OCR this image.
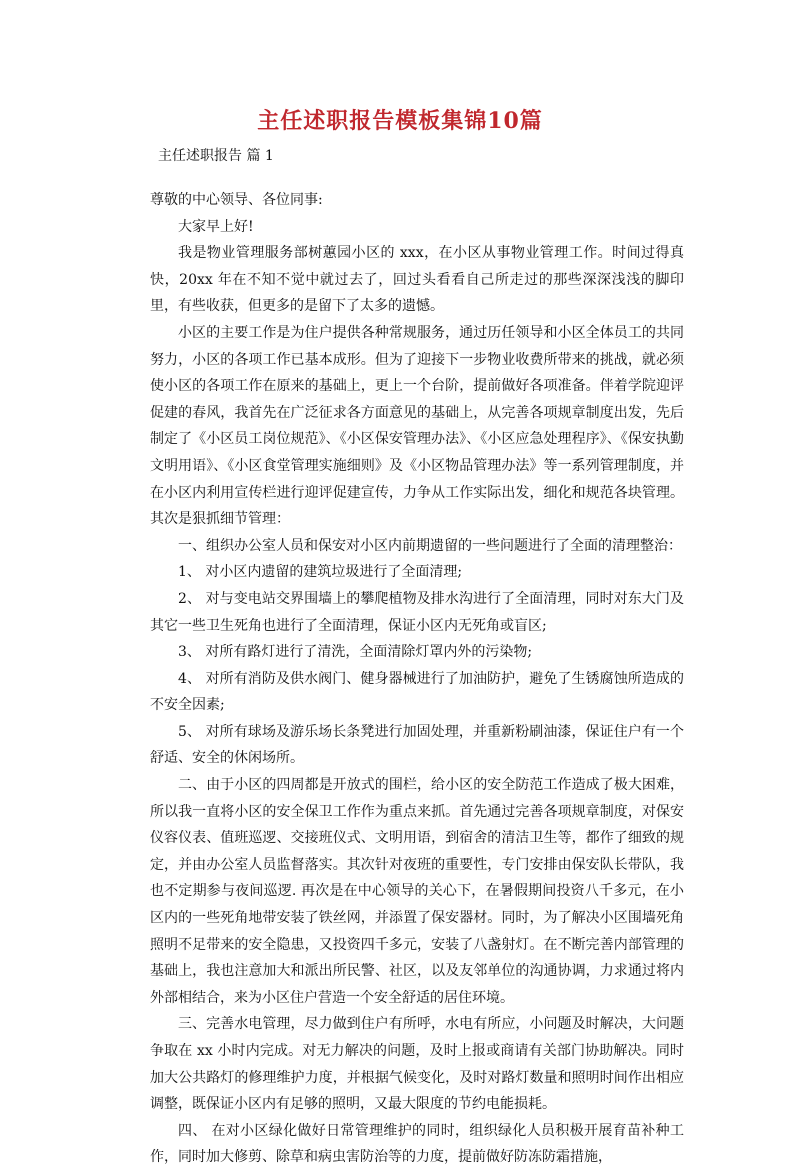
主任述职报告模板集锦10篇
主任述职报告 篇 1

尊敬的中心领导、各位同事:

大家早上好!

我是物业管理服务部树蕙园小区的 xxx，在小区从事物业管理工作。时间过得真快，20xx 年在不知不觉中就过去了，回过头看看自己所走过的那些深深浅浅的脚印里，有些收获，但更多的是留下了太多的遗憾。

小区的主要工作是为住户提供各种常规服务，通过历任领导和小区全体员工的共同努力，小区的各项工作已基本成形。但为了迎接下一步物业收费所带来的挑战，就必须使小区的各项工作在原来的基础上，更上一个台阶，提前做好各项准备。伴着学院迎评促建的春风，我首先在广泛征求各方面意见的基础上，从完善各项规章制度出发，先后制定了《小区员工岗位规范》、《小区保安管理办法》、《小区应急处理程序》、《保安执勤文明用语》、《小区食堂管理实施细则》及《小区物品管理办法》等一系列管理制度，并在小区内利用宣传栏进行迎评促建宣传，力争从工作实际出发，细化和规范各块管理。其次是狠抓细节管理：

一、组织办公室人员和保安对小区内前期遗留的一些问题进行了全面的清理整治：

1、 对小区内遗留的建筑垃圾进行了全面清理;

2、 对与变电站交界围墙上的攀爬植物及排水沟进行了全面清理，同时对东大门及其它一些卫生死角也进行了全面清理，保证小区内无死角或盲区;

3、 对所有路灯进行了清洗，全面清除灯罩内外的污染物;

4、 对所有消防及供水阀门、健身器械进行了加油防护，避免了生锈腐蚀所造成的不安全因素;

5、 对所有球场及游乐场长条凳进行加固处理，并重新粉刷油漆，保证住户有一个舒适、安全的休闲场所。

二、由于小区的四周都是开放式的围栏，给小区的安全防范工作造成了极大困难，所以我一直将小区的安全保卫工作作为重点来抓。首先通过完善各项规章制度，对保安仪容仪表、值班巡逻、交接班仪式、文明用语，到宿舍的清洁卫生等，都作了细致的规定，并由办公室人员监督落实。其次针对夜班的重要性，专门安排由保安队长带队，我也不定期参与夜间巡逻. 再次是在中心领导的关心下，在暑假期间投资八千多元，在小区内的一些死角地带安装了铁丝网，并添置了保安器材。同时，为了解决小区围墙死角照明不足带来的安全隐患，又投资四千多元，安装了八盏射灯。在不断完善内部管理的基础上，我也注意加大和派出所民警、社区，以及友邻单位的沟通协调，力求通过将内外部相结合，来为小区住户营造一个安全舒适的居住环境。

三、完善水电管理，尽力做到住户有所呼，水电有所应，小问题及时解决，大问题争取在 xx 小时内完成。对无力解决的问题，及时上报或商请有关部门协助解决。同时加大公共路灯的修理维护力度，并根据气候变化，及时对路灯数量和照明时间作出相应调整，既保证小区内有足够的照明，又最大限度的节约电能损耗。

四、 在对小区绿化做好日常管理维护的同时，组织绿化人员积极开展育苗补种工作，同时加大修剪、除草和病虫害防治等的力度，提前做好防冻防霜措施，
